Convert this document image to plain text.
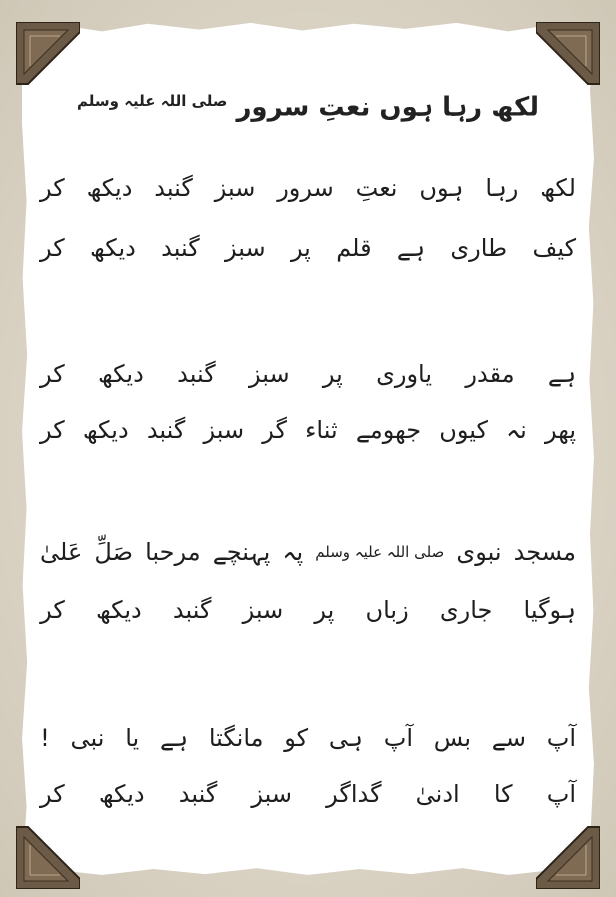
لکھ رہا ہوں نعتِ سرور $^{صلی اللہ علیہ وسلم}$
لکھ
رہا
ہوں
نعتِ
سرور
سبز
گنبد
دیکھ
کر
کیف
طاری
ہے
قلم
پر
سبز
گنبد
دیکھ
کر
ہے
مقدر
یاوری
پر
سبز
گنبد
دیکھ
کر
پھر
نہ
کیوں
جھومے
ثناء
گر
سبز
گنبد
دیکھ
کر
مسجد
نبوی
صلی اللہ علیہ وسلم
پہ
پہنچے
مرحبا
صَلِّ
عَلیٰ
ہوگیا
جاری
زباں
پر
سبز
گنبد
دیکھ
کر
آپ
سے
بس
آپ
ہی
کو
مانگتا
ہے
یا
نبی
!
آپ
کا
ادنیٰ
گداگر
سبز
گنبد
دیکھ
کر
